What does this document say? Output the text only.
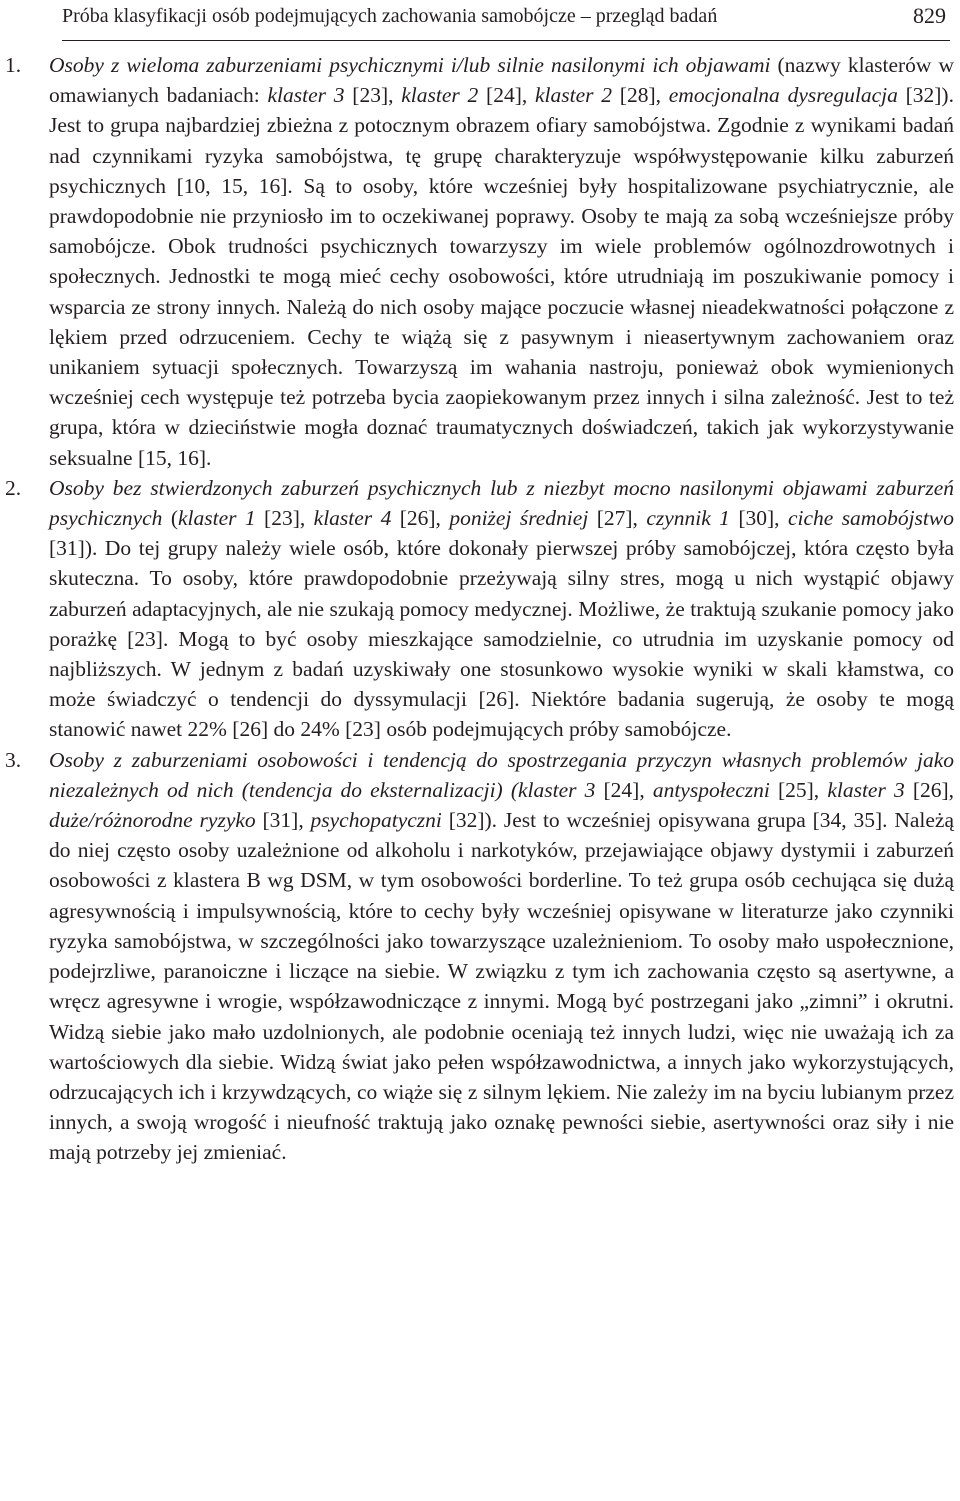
Próba klasyfikacji osób podejmujących zachowania samobójcze – przegląd badań	829
1. Osoby z wieloma zaburzeniami psychicznymi i/lub silnie nasilonymi ich objawami (nazwy klasterów w omawianych badaniach: klaster 3 [23], klaster 2 [24], klaster 2 [28], emocjonalna dysregulacja [32]). Jest to grupa najbardziej zbieżna z potocznym obrazem ofiary samobójstwa. Zgodnie z wynikami badań nad czynnikami ryzyka samobójstwa, tę grupę charakteryzuje współwystępowanie kilku zaburzeń psychicznych [10, 15, 16]. Są to osoby, które wcześniej były hospitalizowane psychiatrycznie, ale prawdopodobnie nie przyniosło im to oczekiwanej poprawy. Osoby te mają za sobą wcześniejsze próby samobójcze. Obok trudności psychicznych towarzyszy im wiele problemów ogólnozdrowotnych i społecznych. Jednostki te mogą mieć cechy osobowości, które utrudniają im poszukiwanie pomocy i wsparcia ze strony innych. Należą do nich osoby mające poczucie własnej nieadekwatności połączone z lękiem przed odrzuceniem. Cechy te wiążą się z pasywnym i nieasertywnym zachowaniem oraz unikaniem sytuacji społecznych. Towarzyszą im wahania nastroju, ponieważ obok wymienionych wcześniej cech występuje też potrzeba bycia zaopiekowanym przez innych i silna zależność. Jest to też grupa, która w dzieciństwie mogła doznać traumatycznych doświadczeń, takich jak wykorzystywanie seksualne [15, 16].

2. Osoby bez stwierdzonych zaburzeń psychicznych lub z niezbyt mocno nasilonymi objawami zaburzeń psychicznych (klaster 1 [23], klaster 4 [26], poniżej średniej [27], czynnik 1 [30], ciche samobójstwo [31]). Do tej grupy należy wiele osób, które dokonały pierwszej próby samobójczej, która często była skuteczna. To osoby, które prawdopodobnie przeżywają silny stres, mogą u nich wystąpić objawy zaburzeń adaptacyjnych, ale nie szukają pomocy medycznej. Możliwe, że traktują szukanie pomocy jako porażkę [23]. Mogą to być osoby mieszkające samodzielnie, co utrudnia im uzyskanie pomocy od najbliższych. W jednym z badań uzyskiwały one stosunkowo wysokie wyniki w skali kłamstwa, co może świadczyć o tendencji do dyssymulacji [26]. Niektóre badania sugerują, że osoby te mogą stanowić nawet 22% [26] do 24% [23] osób podejmujących próby samobójcze.

3. Osoby z zaburzeniami osobowości i tendencją do spostrzegania przyczyn własnych problemów jako niezależnych od nich (tendencja do eksternalizacji) (klaster 3 [24], antyspołeczni [25], klaster 3 [26], duże/różnorodne ryzyko [31], psychopatyczni [32]). Jest to wcześniej opisywana grupa [34, 35]. Należą do niej często osoby uzależnione od alkoholu i narkotyków, przejawiające objawy dystymii i zaburzeń osobowości z klastera B wg DSM, w tym osobowości borderline. To też grupa osób cechująca się dużą agresywnością i impulsywnością, które to cechy były wcześniej opisywane w literaturze jako czynniki ryzyka samobójstwa, w szczególności jako towarzyszące uzależnieniom. To osoby mało uspołecznione, podejrzliwe, paranoiczne i liczące na siebie. W związku z tym ich zachowania często są asertywne, a wręcz agresywne i wrogie, współzawodniczące z innymi. Mogą być postrzegani jako „zimni” i okrutni. Widzą siebie jako mało uzdolnionych, ale podobnie oceniają też innych ludzi, więc nie uważają ich za wartościowych dla siebie. Widzą świat jako pełen współzawodnictwa, a innych jako wykorzystujących, odrzucających ich i krzywdzących, co wiąże się z silnym lękiem. Nie zależy im na byciu lubianym przez innych, a swoją wrogość i nieufność traktują jako oznakę pewności siebie, asertywności oraz siły i nie mają potrzeby jej zmieniać.
